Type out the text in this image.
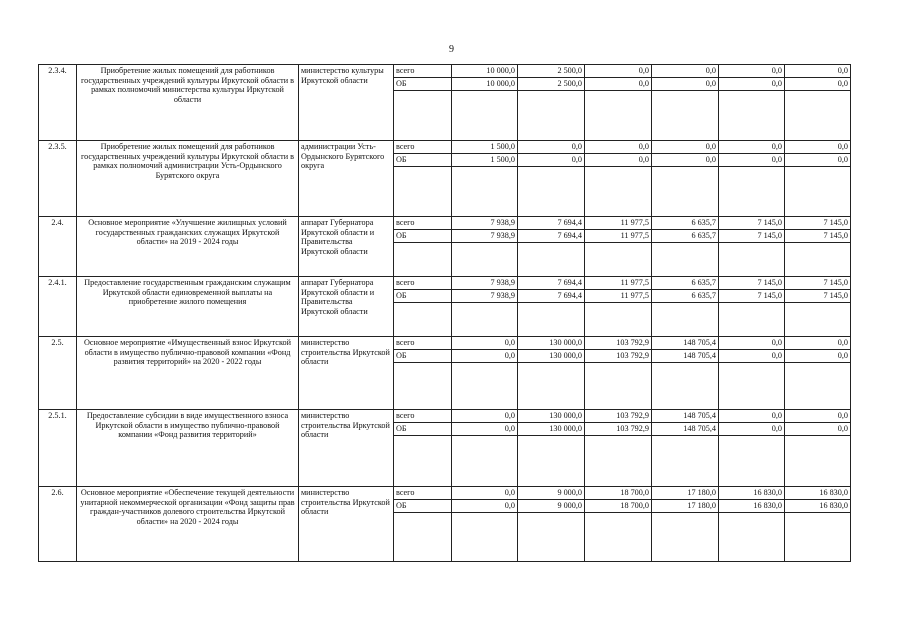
9
2.3.4.	Приобретение жилых помещений для работников государственных учреждений культуры Иркутской области в рамках полномочий министерства культуры Иркутской области	министерство культуры Иркутской области	всего	10 000,0	2 500,0	0,0	0,0	0,0	0,0
			ОБ	10 000,0	2 500,0	0,0	0,0	0,0	0,0

2.3.5.	Приобретение жилых помещений для работников государственных учреждений культуры Иркутской области в рамках полномочий администрации Усть-Ордынского Бурятского округа	администрации Усть-Ордынского Бурятского округа	всего	1 500,0	0,0	0,0	0,0	0,0	0,0
			ОБ	1 500,0	0,0	0,0	0,0	0,0	0,0

2.4.	Основное мероприятие «Улучшение жилищных условий государственных гражданских служащих Иркутской области» на 2019 - 2024 годы	аппарат Губернатора Иркутской области и Правительства Иркутской области	всего	7 938,9	7 694,4	11 977,5	6 635,7	7 145,0	7 145,0
			ОБ	7 938,9	7 694,4	11 977,5	6 635,7	7 145,0	7 145,0

2.4.1.	Предоставление государственным гражданским служащим Иркутской области единовременной выплаты на приобретение жилого помещения	аппарат Губернатора Иркутской области и Правительства Иркутской области	всего	7 938,9	7 694,4	11 977,5	6 635,7	7 145,0	7 145,0
			ОБ	7 938,9	7 694,4	11 977,5	6 635,7	7 145,0	7 145,0

2.5.	Основное мероприятие «Имущественный взнос Иркутской области в имущество публично-правовой компании «Фонд развития территорий» на 2020 - 2022 годы	министерство строительства Иркутской области	всего	0,0	130 000,0	103 792,9	148 705,4	0,0	0,0
			ОБ	0,0	130 000,0	103 792,9	148 705,4	0,0	0,0

2.5.1.	Предоставление субсидии в виде имущественного взноса Иркутской области в имущество публично-правовой компании «Фонд развития территорий»	министерство строительства Иркутской области	всего	0,0	130 000,0	103 792,9	148 705,4	0,0	0,0
			ОБ	0,0	130 000,0	103 792,9	148 705,4	0,0	0,0

2.6.	Основное мероприятие «Обеспечение текущей деятельности унитарной некоммерческой организации «Фонд защиты прав граждан-участников долевого строительства Иркутской области» на 2020 - 2024 годы	министерство строительства Иркутской области	всего	0,0	9 000,0	18 700,0	17 180,0	16 830,0	16 830,0
			ОБ	0,0	9 000,0	18 700,0	17 180,0	16 830,0	16 830,0
